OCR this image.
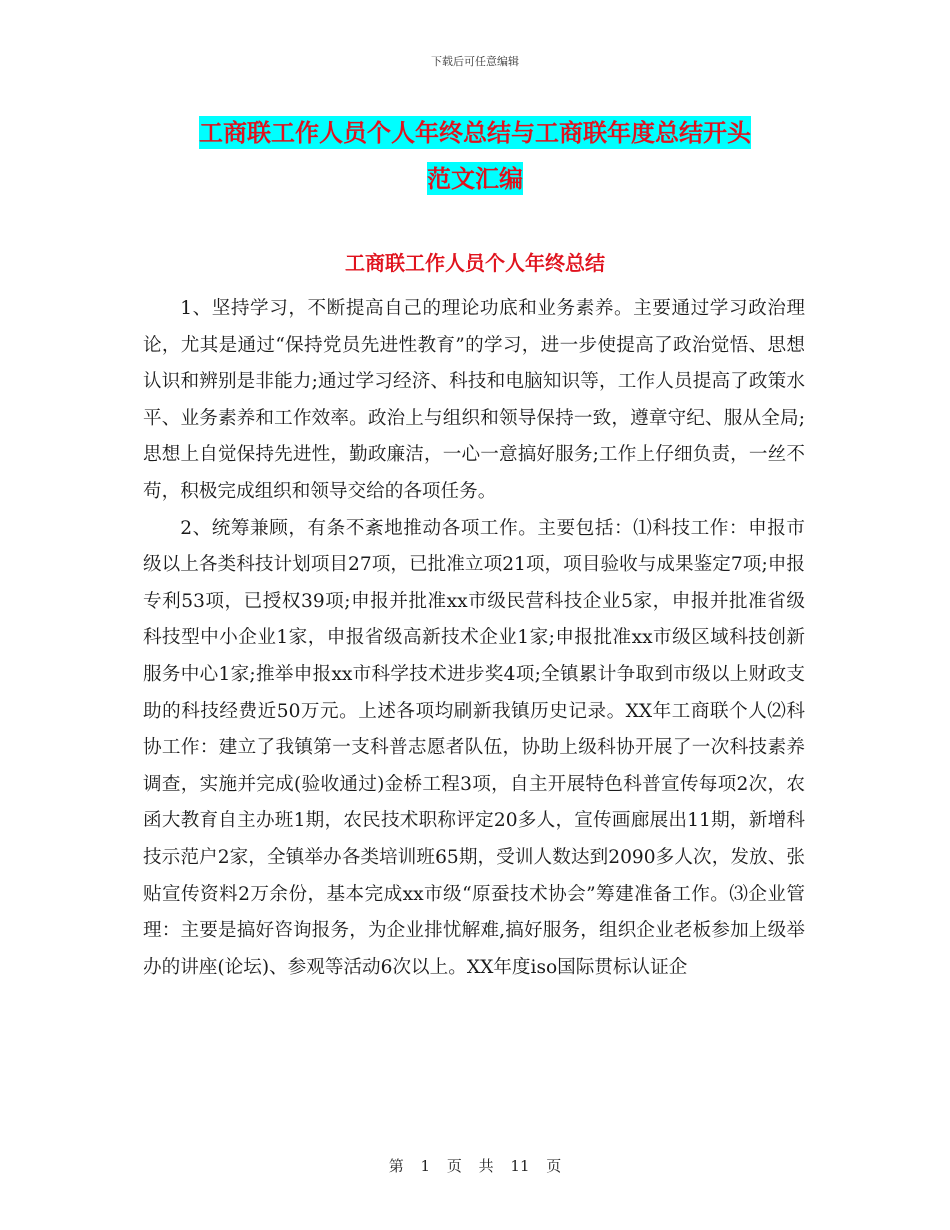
下载后可任意编辑
工商联工作人员个人年终总结与工商联年度总结开头
范文汇编
工商联工作人员个人年终总结

1、坚持学习，不断提高自己的理论功底和业务素养。主要通过学习政治理论，尤其是通过“保持党员先进性教育”的学习，进一步使提高了政治觉悟、思想认识和辨别是非能力;通过学习经济、科技和电脑知识等，工作人员提高了政策水平、业务素养和工作效率。政治上与组织和领导保持一致，遵章守纪、服从全局;思想上自觉保持先进性，勤政廉洁，一心一意搞好服务;工作上仔细负责，一丝不苟，积极完成组织和领导交给的各项任务。

2、统筹兼顾，有条不紊地推动各项工作。主要包括：⑴科技工作：申报市级以上各类科技计划项目27项，已批准立项21项，项目验收与成果鉴定7项;申报专利53项，已授权39项;申报并批准xx市级民营科技企业5家，申报并批准省级科技型中小企业1家，申报省级高新技术企业1家;申报批准xx市级区域科技创新服务中心1家;推举申报xx市科学技术进步奖4项;全镇累计争取到市级以上财政支助的科技经费近50万元。上述各项均刷新我镇历史记录。XX年工商联个人⑵科协工作：建立了我镇第一支科普志愿者队伍，协助上级科协开展了一次科技素养调查，实施并完成(验收通过)金桥工程3项，自主开展特色科普宣传每项2次，农函大教育自主办班1期，农民技术职称评定20多人，宣传画廊展出11期，新增科技示范户2家，全镇举办各类培训班65期，受训人数达到2090多人次，发放、张贴宣传资料2万余份，基本完成xx市级“原蚕技术协会”筹建准备工作。⑶企业管理：主要是搞好咨询报务，为企业排忧解难,搞好服务，组织企业老板参加上级举办的讲座(论坛)、参观等活动6次以上。XX年度iso国际贯标认证企

第 1 页 共 11 页
